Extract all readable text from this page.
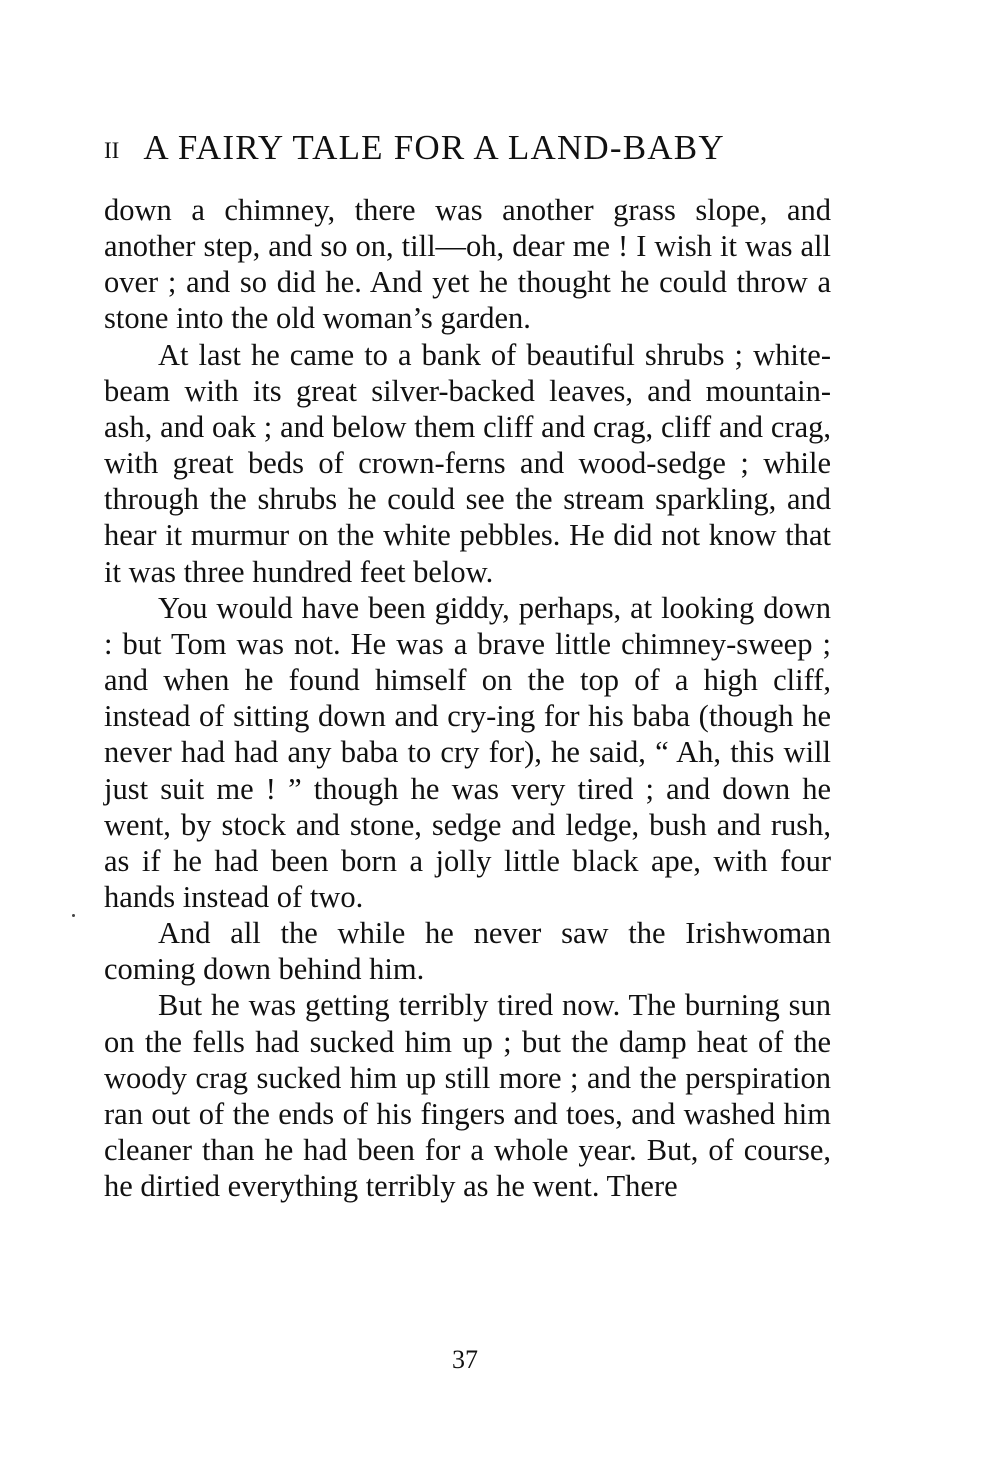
II A FAIRY TALE FOR A LAND-BABY

down a chimney, there was another grass slope, and another step, and so on, till—oh, dear me ! I wish it was all over ; and so did he. And yet he thought he could throw a stone into the old woman’s garden.

At last he came to a bank of beautiful shrubs ; white-beam with its great silver-backed leaves, and mountain-ash, and oak ; and below them cliff and crag, cliff and crag, with great beds of crown-ferns and wood-sedge ; while through the shrubs he could see the stream sparkling, and hear it murmur on the white pebbles. He did not know that it was three hundred feet below.

You would have been giddy, perhaps, at looking down : but Tom was not. He was a brave little chimney-sweep ; and when he found himself on the top of a high cliff, instead of sitting down and cry-ing for his baba (though he never had had any baba to cry for), he said, “ Ah, this will just suit me ! ” though he was very tired ; and down he went, by stock and stone, sedge and ledge, bush and rush, as if he had been born a jolly little black ape, with four hands instead of two.

And all the while he never saw the Irishwoman coming down behind him.

But he was getting terribly tired now. The burning sun on the fells had sucked him up ; but the damp heat of the woody crag sucked him up still more ; and the perspiration ran out of the ends of his fingers and toes, and washed him cleaner than he had been for a whole year. But, of course, he dirtied everything terribly as he went. There

37
